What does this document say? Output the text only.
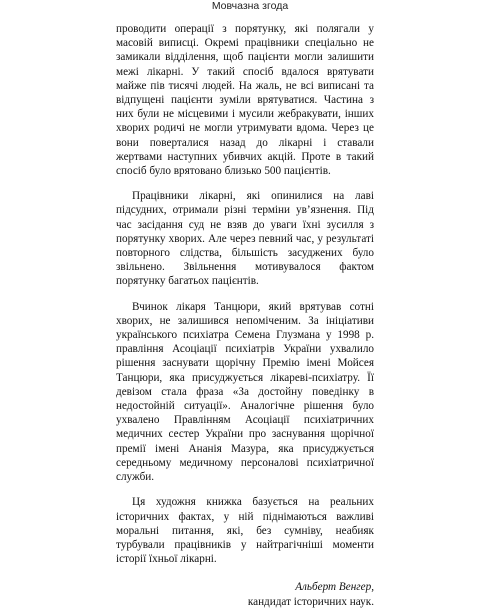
Мовчазна згода

проводити операції з порятунку, які полягали у масовій виписці. Окремі працівники спеціально не замикали відділення, щоб пацієнти могли залишити межі лікарні. У такий спосіб вдалося врятувати майже пів тисячі людей. На жаль, не всі виписані та відпущені пацієнти зуміли врятуватися. Частина з них були не місцевими і мусили жебракувати, інших хворих родичі не могли утримувати вдома. Через це вони поверталися назад до лікарні і ставали жертвами наступних убивчих акцій. Проте в такий спосіб було врятовано близько 500 пацієнтів.

Працівники лікарні, які опинилися на лаві підсудних, отримали різні терміни ув’язнення. Під час засідання суд не взяв до уваги їхні зусилля з порятунку хворих. Але через певний час, у результаті повторного слідства, більшість засуджених було звільнено. Звільнення мотивувалося фактом порятунку багатьох пацієнтів.

Вчинок лікаря Танцюри, який врятував сотні хворих, не залишився непоміченим. За ініціативи українського психіатра Семена Глузмана у 1998 р. правління Асоціації психіатрів України ухвалило рішення заснувати щорічну Премію імені Мойсея Танцюри, яка присуджується лікареві-психіатру. Її девізом стала фраза «За достойну поведінку в недостойній ситуації». Аналогічне рішення було ухвалено Правлінням Асоціації психіатричних медичних сестер України про заснування щорічної премії імені Ананія Мазура, яка присуджується середньому медичному персоналові психіатричної служби.

Ця художня книжка базується на реальних історичних фактах, у ній піднімаються важливі моральні питання, які, без сумніву, неабияк турбували працівників у найтрагічніші моменти історії їхньої лікарні.

Альберт Венгер,
кандидат історичних наук.
